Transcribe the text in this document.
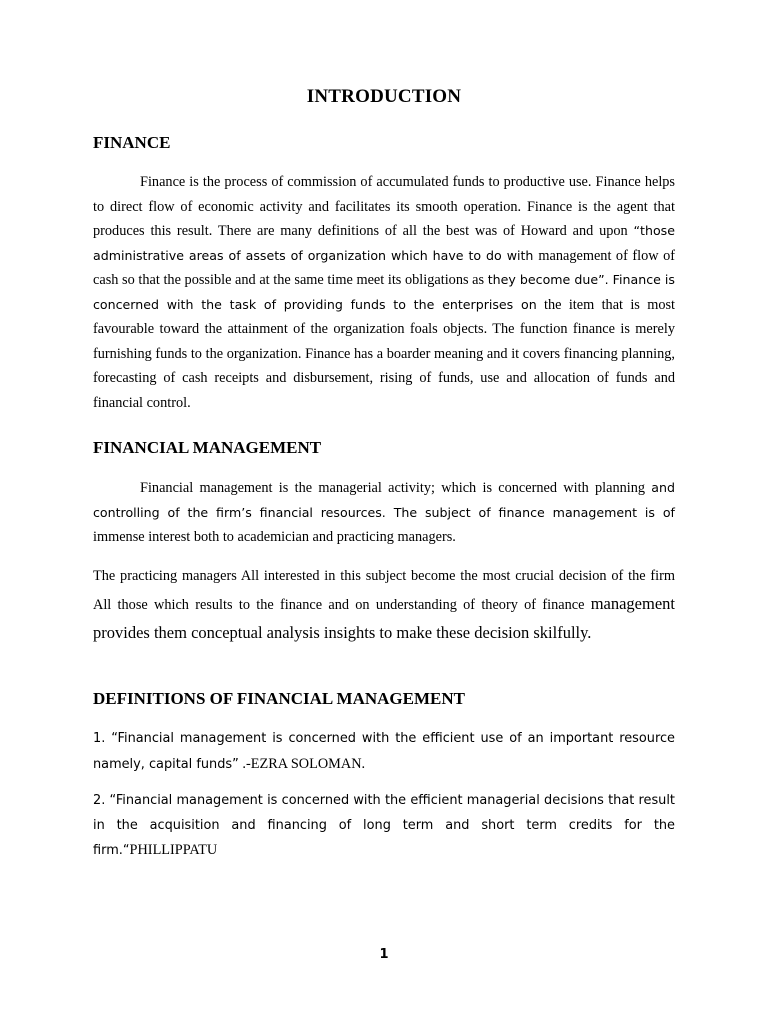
INTRODUCTION
FINANCE

Finance is the process of commission of accumulated funds to productive use. Finance helps to direct flow of economic activity and facilitates its smooth operation. Finance is the agent that produces this result. There are many definitions of all the best was of Howard and upon “those administrative areas of assets of organization which have to do with management of flow of cash so that the possible and at the same time meet its obligations as they become due”. Finance is concerned with the task of providing funds to the enterprises on the item that is most favourable toward the attainment of the organization foals objects. The function finance is merely furnishing funds to the organization. Finance has a boarder meaning and it covers financing planning, forecasting of cash receipts and disbursement, rising of funds, use and allocation of funds and financial control.

FINANCIAL MANAGEMENT

Financial management is the managerial activity; which is concerned with planning and controlling of the firm’s financial resources. The subject of finance management is of immense interest both to academician and practicing managers.

The practicing managers All interested in this subject become the most crucial decision of the firm All those which results to the finance and on understanding of theory of finance management provides them conceptual analysis insights to make these decision skilfully.

DEFINITIONS OF FINANCIAL MANAGEMENT

1. “Financial management is concerned with the efficient use of an important resource namely, capital funds” .-EZRA SOLOMAN.

2. “Financial management is concerned with the efficient managerial decisions that result in the acquisition and financing of long term and short term credits for the firm.“PHILLIPPATU

1
